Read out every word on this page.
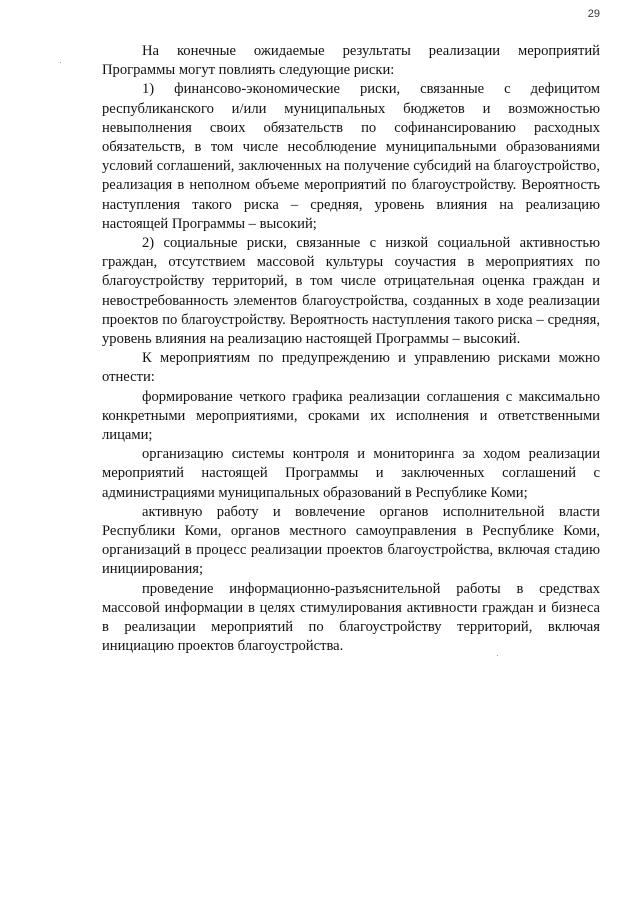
29

На конечные ожидаемые результаты реализации мероприятий Программы могут повлиять следующие риски:

1) финансово-экономические риски, связанные с дефицитом республиканского и/или муниципальных бюджетов и возможностью невыполнения своих обязательств по софинансированию расходных обязательств, в том числе несоблюдение муниципальными образованиями условий соглашений, заключенных на получение субсидий на благоустройство, реализация в неполном объеме мероприятий по благоустройству. Вероятность наступления такого риска – средняя, уровень влияния на реализацию настоящей Программы – высокий;

2) социальные риски, связанные с низкой социальной активностью граждан, отсутствием массовой культуры соучастия в мероприятиях по благоустройству территорий, в том числе отрицательная оценка граждан и невостребованность элементов благоустройства, созданных в ходе реализации проектов по благоустройству. Вероятность наступления такого риска – средняя, уровень влияния на реализацию настоящей Программы – высокий.

К мероприятиям по предупреждению и управлению рисками можно отнести:

формирование четкого графика реализации соглашения с максимально конкретными мероприятиями, сроками их исполнения и ответственными лицами;

организацию системы контроля и мониторинга за ходом реализации мероприятий настоящей Программы и заключенных соглашений с администрациями муниципальных образований в Республике Коми;

активную работу и вовлечение органов исполнительной власти Республики Коми, органов местного самоуправления в Республике Коми, организаций в процесс реализации проектов благоустройства, включая стадию инициирования;

проведение информационно-разъяснительной работы в средствах массовой информации в целях стимулирования активности граждан и бизнеса в реализации мероприятий по благоустройству территорий, включая инициацию проектов благоустройства.
